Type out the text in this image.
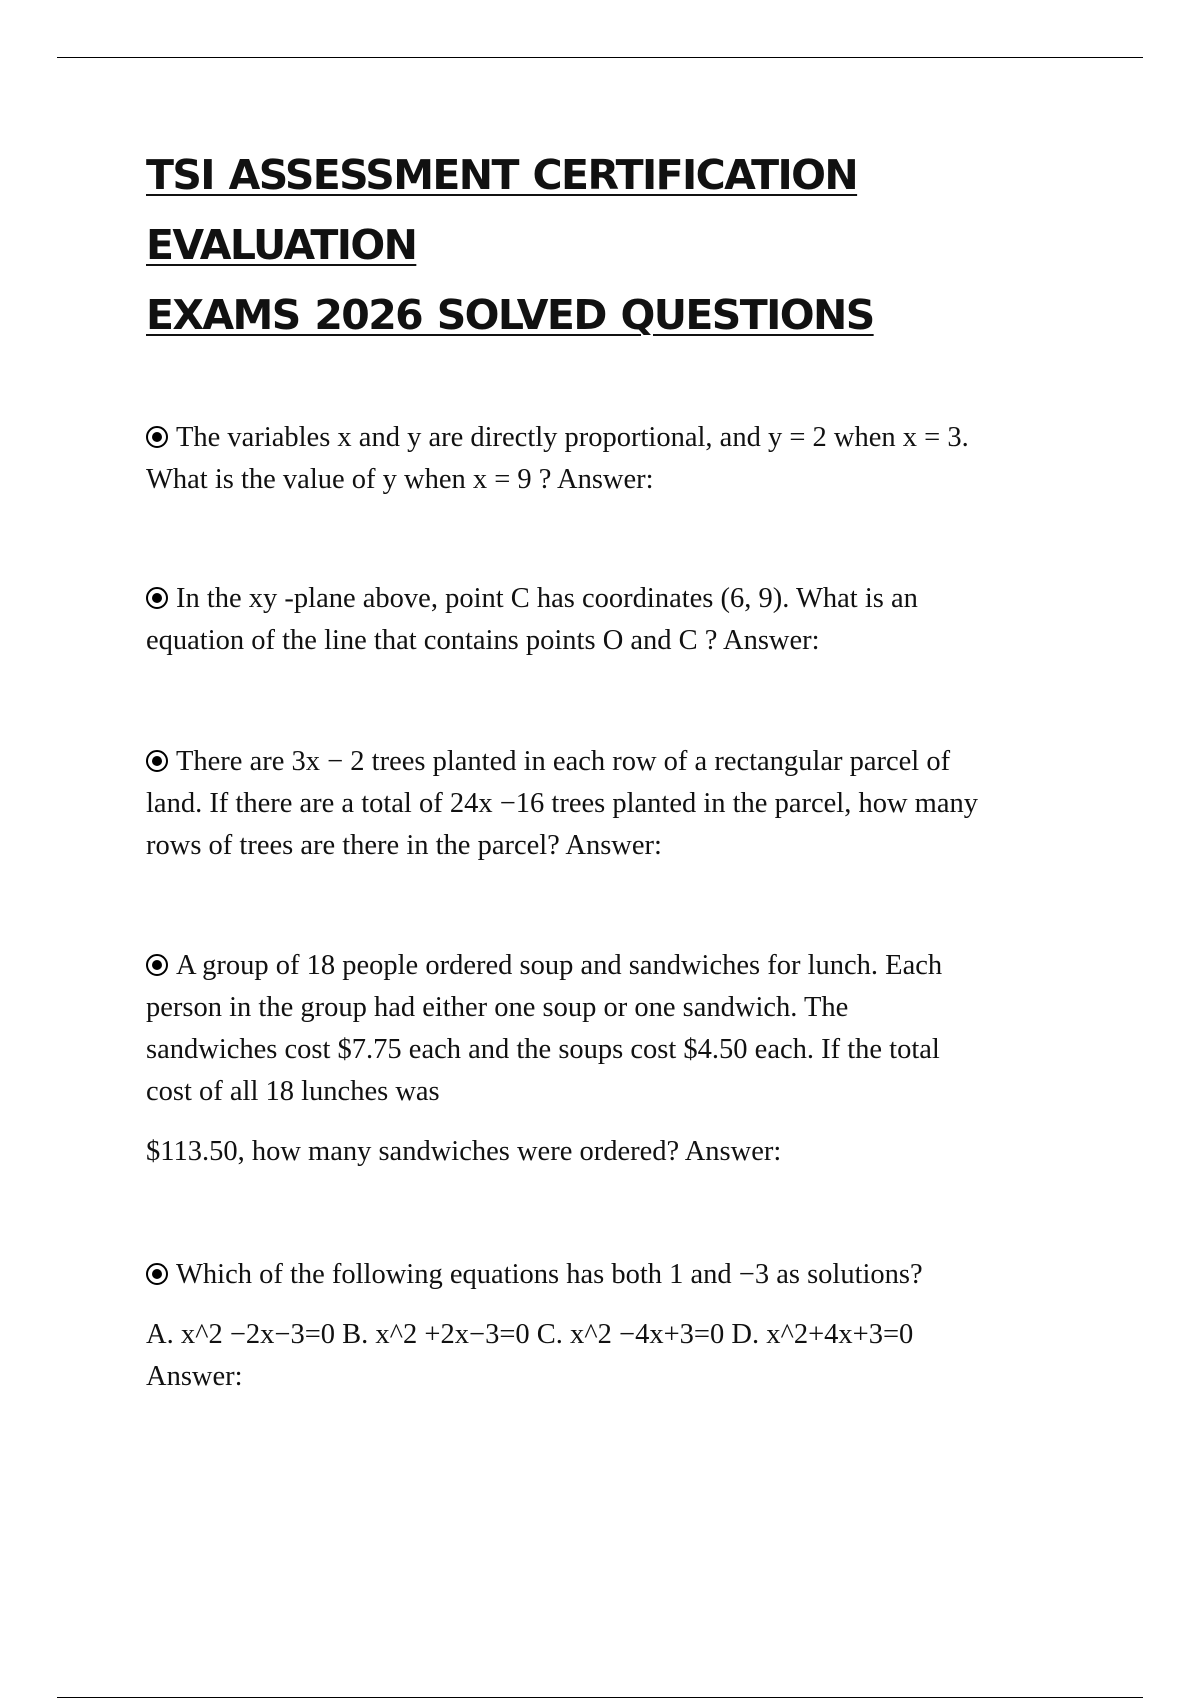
TSI ASSESSMENT CERTIFICATION EVALUATION
EXAMS 2026 SOLVED QUESTIONS

The variables x and y are directly proportional, and y = 2 when x = 3.
What is the value of y when x = 9 ? Answer:

In the xy -plane above, point C has coordinates (6, 9). What is an
equation of the line that contains points O and C ? Answer:

There are 3x − 2 trees planted in each row of a rectangular parcel of
land. If there are a total of 24x −16 trees planted in the parcel, how many
rows of trees are there in the parcel? Answer:

A group of 18 people ordered soup and sandwiches for lunch. Each
person in the group had either one soup or one sandwich. The
sandwiches cost $7.75 each and the soups cost $4.50 each. If the total
cost of all 18 lunches was

$113.50, how many sandwiches were ordered? Answer:

Which of the following equations has both 1 and −3 as solutions?

A. x^2 −2x−3=0 B. x^2 +2x−3=0 C. x^2 −4x+3=0 D. x^2+4x+3=0
Answer:
